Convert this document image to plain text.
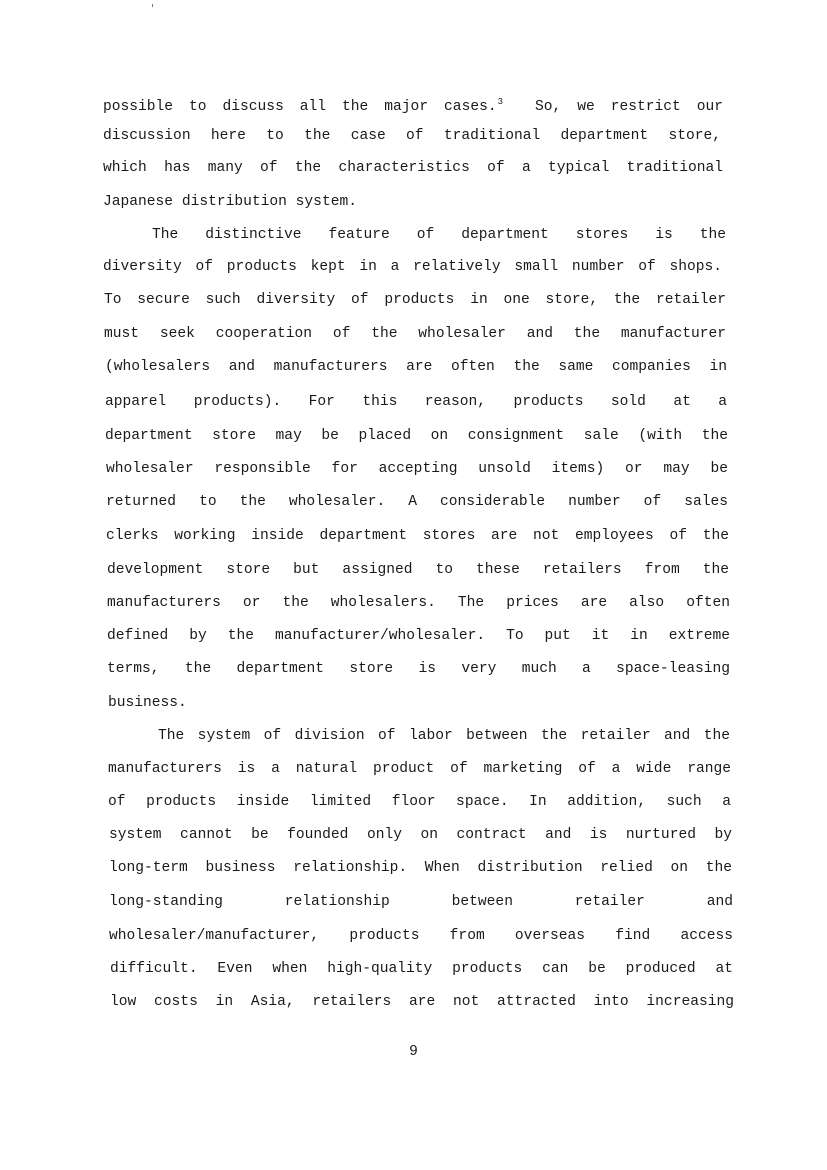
possible to discuss all the major cases.$^3$ So, we restrict our
discussion here to the case of traditional department store,
which has many of the characteristics of a typical traditional
Japanese distribution system.
The distinctive feature of department stores is the
diversity of products kept in a relatively small number of shops.
To secure such diversity of products in one store, the retailer
must seek cooperation of the wholesaler and the manufacturer
(wholesalers and manufacturers are often the same companies in
apparel products). For this reason, products sold at a
department store may be placed on consignment sale (with the
wholesaler responsible for accepting unsold items) or may be
returned to the wholesaler. A considerable number of sales
clerks working inside department stores are not employees of the
development store but assigned to these retailers from the
manufacturers or the wholesalers. The prices are also often
defined by the manufacturer/wholesaler. To put it in extreme
terms, the department store is very much a space-leasing
business.
The system of division of labor between the retailer and the
manufacturers is a natural product of marketing of a wide range
of products inside limited floor space. In addition, such a
system cannot be founded only on contract and is nurtured by
long-term business relationship. When distribution relied on the
long-standing relationship between retailer and
wholesaler/manufacturer, products from overseas find access
difficult. Even when high-quality products can be produced at
low costs in Asia, retailers are not attracted into increasing
9
